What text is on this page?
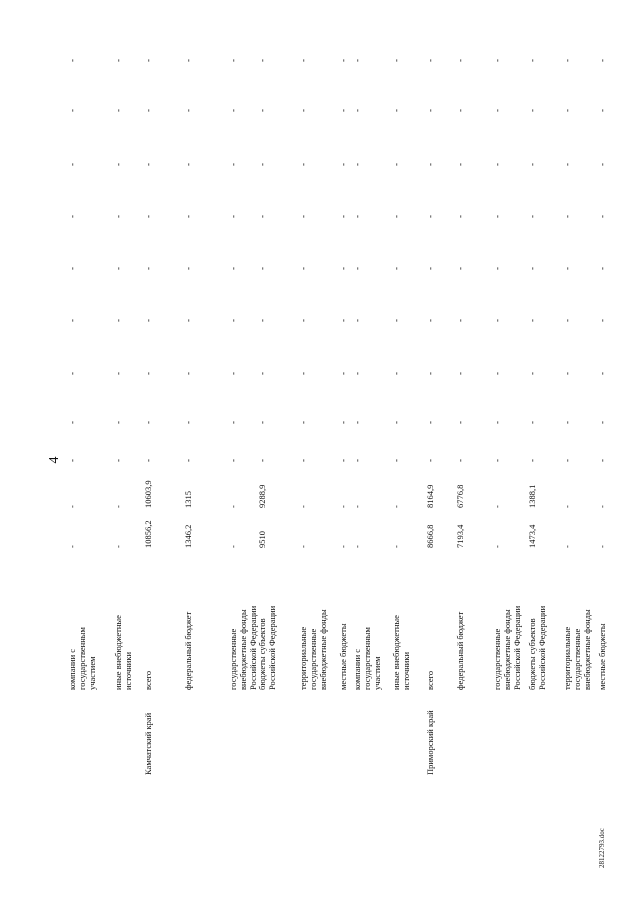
4
компании с государственным участием
-
-
-
-
-
-
-
-
-
-
-
иные внебюджетные источники
-
-
-
-
-
-
-
-
-
-
-
Камчатский край
всего
10856,2
10603,9
-
-
-
-
-
-
-
-
-
федеральный бюджет
1346,2
1315
-
-
-
-
-
-
-
-
-
государственные внебюджетные фонды Российской Федерации
-
-
-
-
-
-
-
-
-
-
-
бюджеты субъектов Российской Федерации
9510
9288,9
-
-
-
-
-
-
-
-
-
территориальные государственные внебюджетные фонды
-
-
-
-
-
-
-
-
-
-
-
местные бюджеты
-
-
-
-
-
-
-
-
-
-
-
компании с государственным участием
-
-
-
-
-
-
-
-
-
-
-
иные внебюджетные источники
-
-
-
-
-
-
-
-
-
-
-
Приморский край
всего
8666,8
8164,9
-
-
-
-
-
-
-
-
-
федеральный бюджет
7193,4
6776,8
-
-
-
-
-
-
-
-
-
государственные внебюджетные фонды Российской Федерации
-
-
-
-
-
-
-
-
-
-
-
бюджеты субъектов Российской Федерации
1473,4
1388,1
-
-
-
-
-
-
-
-
-
территориальные государственные внебюджетные фонды
-
-
-
-
-
-
-
-
-
-
-
местные бюджеты
-
-
-
-
-
-
-
-
-
-
-
28122793.doc
